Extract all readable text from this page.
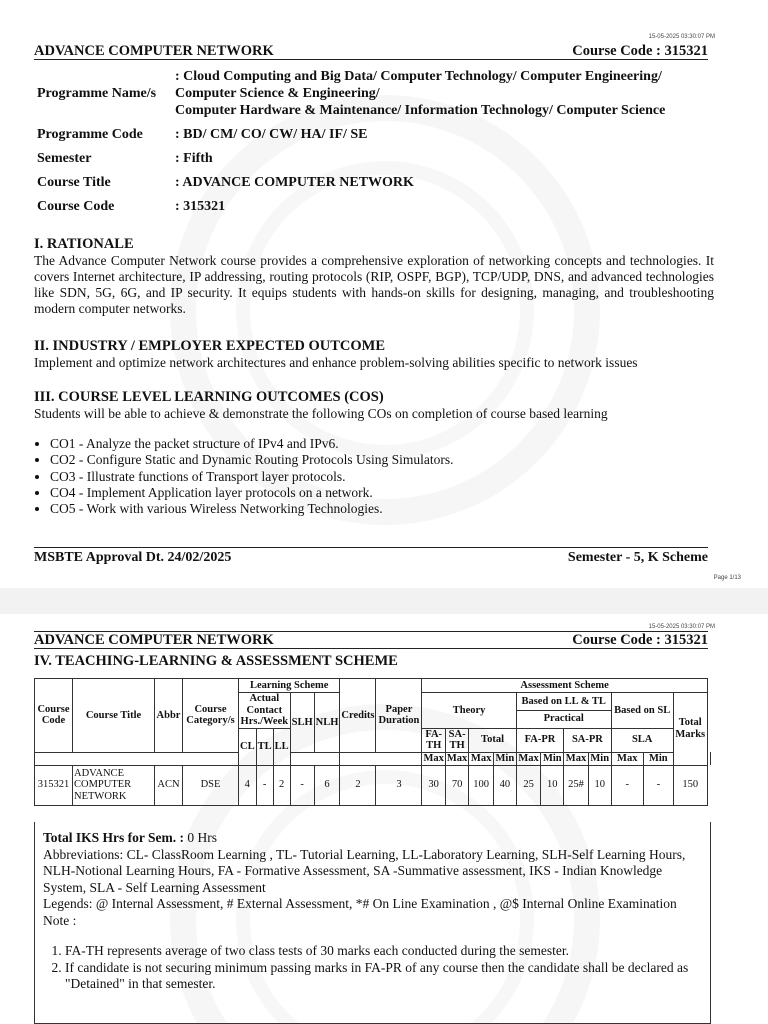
15-05-2025 03:30:07 PM
ADVANCE COMPUTER NETWORK	Course Code : 315321
Programme Name/s
: Cloud Computing and Big Data/ Computer Technology/ Computer Engineering/
Computer Science & Engineering/
Computer Hardware & Maintenance/ Information Technology/ Computer Science
Programme Code	: BD/ CM/ CO/ CW/ HA/ IF/ SE
Semester	: Fifth
Course Title	: ADVANCE COMPUTER NETWORK
Course Code	: 315321
I. RATIONALE

The Advance Computer Network course provides a comprehensive exploration of networking concepts and technologies. It covers Internet architecture, IP addressing, routing protocols (RIP, OSPF, BGP), TCP/UDP, DNS, and advanced technologies like SDN, 5G, 6G, and IP security. It equips students with hands-on skills for designing, managing, and troubleshooting modern computer networks.

II. INDUSTRY / EMPLOYER EXPECTED OUTCOME

Implement and optimize network architectures and enhance problem-solving abilities specific to network issues

III. COURSE LEVEL LEARNING OUTCOMES (COS)

Students will be able to achieve & demonstrate the following COs on completion of course based learning

• CO1 - Analyze the packet structure of IPv4 and IPv6.
• CO2 - Configure Static and Dynamic Routing Protocols Using Simulators.
• CO3 - Illustrate functions of Transport layer protocols.
• CO4 - Implement Application layer protocols on a network.
• CO5 - Work with various Wireless Networking Technologies.
MSBTE Approval Dt. 24/02/2025	Semester - 5, K Scheme
Page 1/13
15-05-2025 03:30:07 PM
ADVANCE COMPUTER NETWORK	Course Code : 315321
IV. TEACHING-LEARNING & ASSESSMENT SCHEME
Course Code	Course Title	Abbr	Course Category/s	Learning Scheme					Credits	Paper Duration	Assessment Scheme											
				Actual Contact Hrs./Week			SLH	NLH			Theory				Based on LL & TL				Based on SL		Total Marks	
															Practical							
				CL	TL	LL					FA-TH	SA-TH	Total		FA-PR		SA-PR		SLA			
											Max	Max	Max	Min	Max	Min	Max	Min	Max	Min		
315321	ADVANCE COMPUTER NETWORK	ACN	DSE	4	-	2	-	6	2	3	30	70	100	40	25	10	25#	10	-	-	150	

Total IKS Hrs for Sem. : 0 Hrs

Abbreviations: CL- ClassRoom Learning , TL- Tutorial Learning, LL-Laboratory Learning, SLH-Self Learning Hours, NLH-Notional Learning Hours, FA - Formative Assessment, SA -Summative assessment, IKS - Indian Knowledge System, SLA - Self Learning Assessment

Legends: @ Internal Assessment, # External Assessment, *# On Line Examination , @$ Internal Online Examination

Note :

1. FA-TH represents average of two class tests of 30 marks each conducted during the semester.
2. If candidate is not securing minimum passing marks in FA-PR of any course then the candidate shall be declared as "Detained" in that semester.
